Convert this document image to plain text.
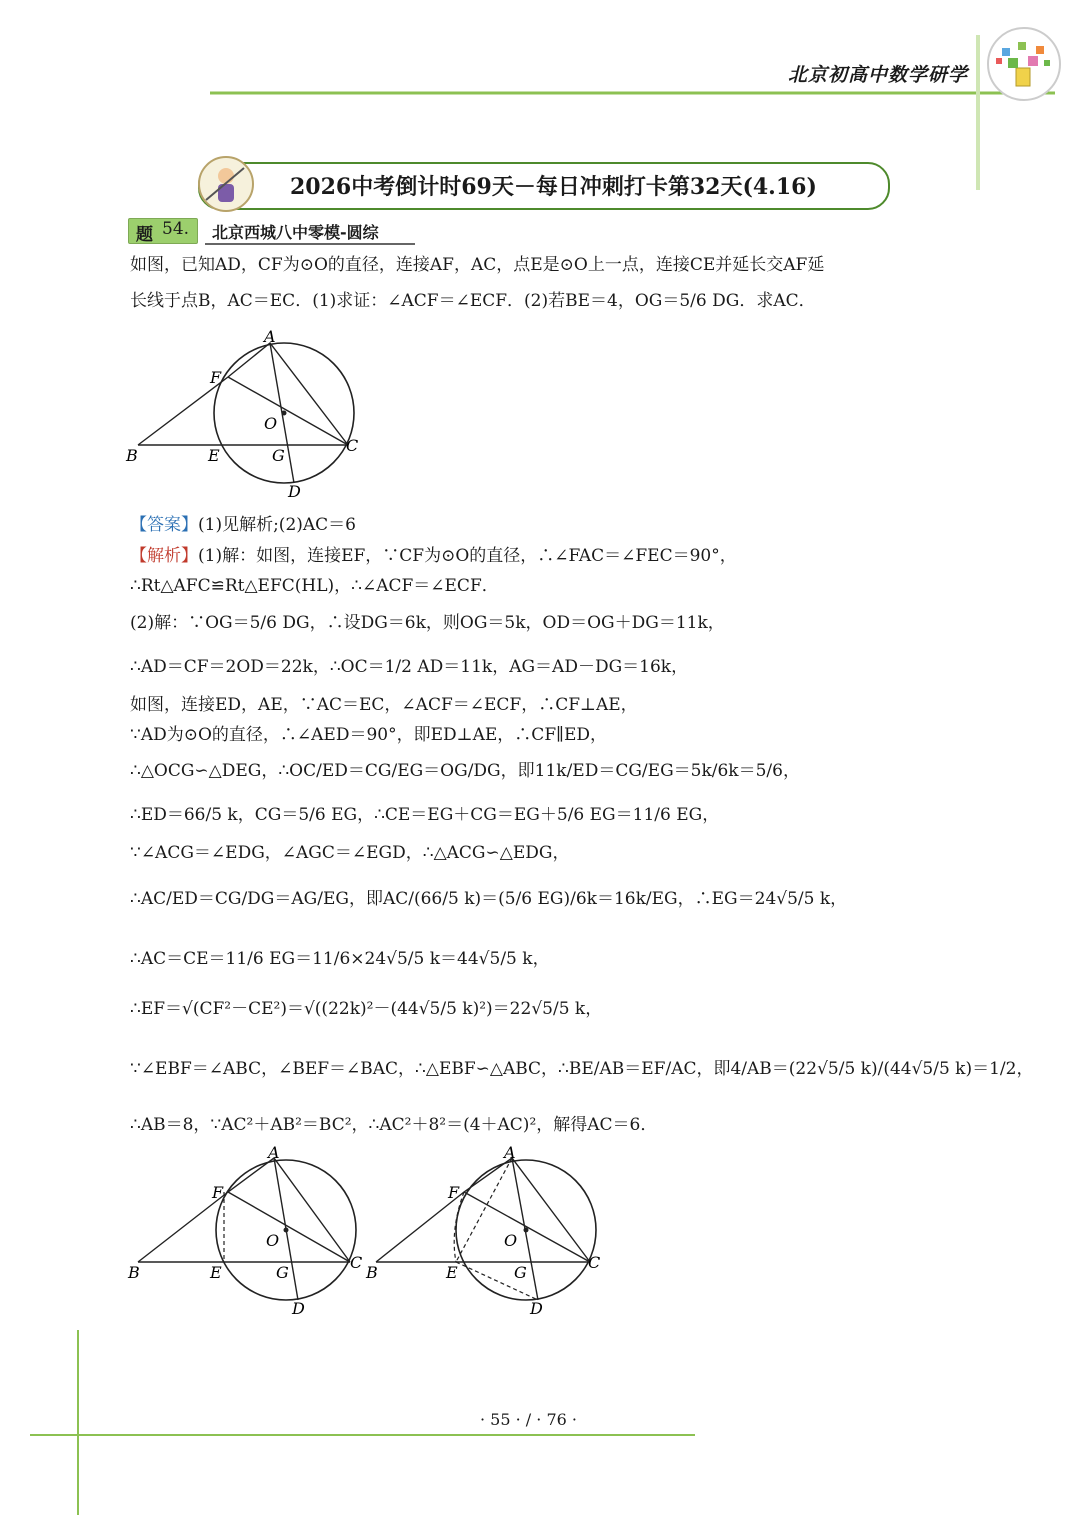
北京初高中数学研学
2026中考倒计时69天－每日冲刺打卡第32天(4.16)
题 54. 北京西城八中零模-圆综
如图，已知AD，CF为⊙O的直径，连接AF，AC，点E是⊙O上一点，连接CE并延长交AF延
长线于点B，AC＝EC．(1)求证：∠ACF＝∠ECF．(2)若BE＝4，OG＝5/6 DG．求AC．
A
F
O
B	E	G
C
D
【答案】(1)见解析;(2)AC＝6
【解析】(1)解：如图，连接EF，∵CF为⊙O的直径，∴∠FAC＝∠FEC＝90°，
∴Rt△AFC≌Rt△EFC(HL)，∴∠ACF＝∠ECF．
(2)解：∵OG＝5/6 DG，∴设DG＝6k，则OG＝5k，OD＝OG＋DG＝11k，
∴AD＝CF＝2OD＝22k，∴OC＝1/2 AD＝11k，AG＝AD－DG＝16k，
如图，连接ED，AE，∵AC＝EC，∠ACF＝∠ECF，∴CF⊥AE，
∵AD为⊙O的直径，∴∠AED＝90°，即ED⊥AE，∴CF∥ED，
∴△OCG∽△DEG，∴OC/ED＝CG/EG＝OG/DG，即11k/ED＝CG/EG＝5k/6k＝5/6，
∴ED＝66/5 k，CG＝5/6 EG，∴CE＝EG＋CG＝EG＋5/6 EG＝11/6 EG，
∵∠ACG＝∠EDG，∠AGC＝∠EGD，∴△ACG∽△EDG，
∴AC/ED＝CG/DG＝AG/EG，即AC/(66/5 k)＝(5/6 EG)/6k＝16k/EG，∴EG＝24√5/5 k，
∴AC＝CE＝11/6 EG＝11/6×24√5/5 k＝44√5/5 k，
∴EF＝√(CF²－CE²)＝√((22k)²－(44√5/5 k)²)＝22√5/5 k，
∵∠EBF＝∠ABC，∠BEF＝∠BAC，∴△EBF∽△ABC，∴BE/AB＝EF/AC，即4/AB＝(22√5/5 k)/(44√5/5 k)＝1/2，
∴AB＝8，∵AC²＋AB²＝BC²，∴AC²＋8²＝(4＋AC)²，解得AC＝6．
A
F
O
B	E	G
C
D
A
F
O
B	E	G
C
D
· 55 · / · 76 ·
